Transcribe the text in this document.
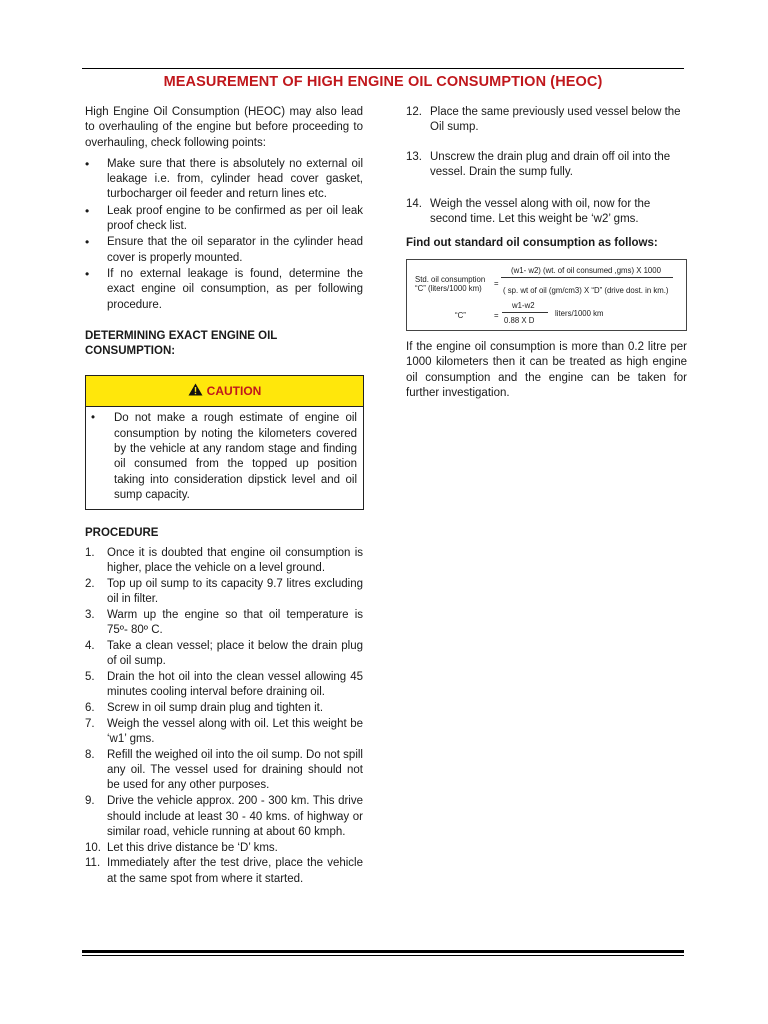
MEASUREMENT OF HIGH ENGINE OIL CONSUMPTION (HEOC)

High Engine Oil Consumption (HEOC) may also lead to overhauling of the engine but before proceeding to overhauling, check following points:

• Make sure that there is absolutely no external oil leakage i.e. from, cylinder head cover gasket, turbocharger oil feeder and return lines etc.
• Leak proof engine to be confirmed as per oil leak proof check list.
• Ensure that the oil separator in the cylinder head cover is properly mounted.
• If no external leakage is found, determine the exact engine oil consumption, as per following procedure.

DETERMINING EXACT ENGINE OIL CONSUMPTION:

CAUTION
•	Do not make a rough estimate of engine oil consumption by noting the kilometers covered by the vehicle at any random stage and finding oil consumed from the topped up position taking into consideration dipstick level and oil sump capacity.

PROCEDURE

1. Once it is doubted that engine oil consumption is higher, place the vehicle on a level ground.
2. Top up oil sump to its capacity 9.7 litres excluding oil in filter.
3. Warm up the engine so that oil temperature is 75º- 80º C.
4. Take a clean vessel; place it below the drain plug of oil sump.
5. Drain the hot oil into the clean vessel allowing 45 minutes cooling interval before draining oil.
6. Screw in oil sump drain plug and tighten it.
7. Weigh the vessel along with oil. Let this weight be ‘w1’ gms.
8. Refill the weighed oil into the oil sump. Do not spill any oil. The vessel used for draining should not be used for any other purposes.
9. Drive the vehicle approx. 200 - 300 km. This drive should include at least 30 - 40 kms. of highway or similar road, vehicle running at about 60 kmph.
10. Let this drive distance be ‘D’ kms.
11. Immediately after the test drive, place the vehicle at the same spot from where it started.
12. Place the same previously used vessel below the Oil sump.
13. Unscrew the drain plug and drain off oil into the vessel. Drain the sump fully.
14. Weigh the vessel along with oil, now for the second time. Let this weight be ‘w2’ gms.

Find out standard oil consumption as follows:

Std. oil consumption
“C” (liters/1000 km)
=
(w1- w2) (wt. of oil consumed ,gms) X 1000
( sp. wt of oil (gm/cm3) X “D” (drive dost. in km.)
“C”	=
w1-w2
0.88 X D
liters/1000 km

If the engine oil consumption is more than 0.2 litre per 1000 kilometers then it can be treated as high engine oil consumption and the engine can be taken for further investigation.
